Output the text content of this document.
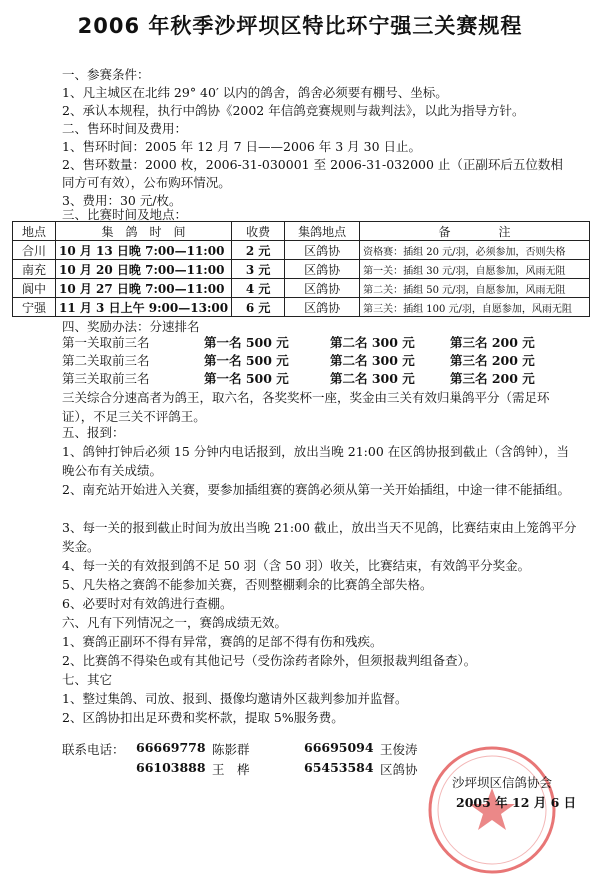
2006 年秋季沙坪坝区特比环宁强三关赛规程
一、参赛条件：
1、凡主城区在北纬 29° 40′ 以内的鸽舍，鸽舍必须要有棚号、坐标。
2、承认本规程，执行中鸽协《2002 年信鸽竞赛规则与裁判法》，以此为指导方针。
二、售环时间及费用：
1、售环时间：2005 年 12 月 7 日——2006 年 3 月 30 日止。
2、售环数量：2000 枚，2006-31-030001 至 2006-31-032000 止（正副环后五位数相
同方可有效），公布购环情况。
3、费用：30 元/枚。
三、比赛时间及地点：
地点	集　鸽　时　间	收费	集鸽地点	备　　　　注
合川	10 月 13 日晚 7:00—11:00	2 元	区鸽协	资格赛：插组 20 元/羽，必须参加，否则失格
南充	10 月 20 日晚 7:00—11:00	3 元	区鸽协	第一关：插组 30 元/羽，自愿参加，风雨无阻
阆中	10 月 27 日晚 7:00—11:00	4 元	区鸽协	第二关：插组 50 元/羽，自愿参加，风雨无阻
宁强	11 月 3 日上午 9:00—13:00	6 元	区鸽协	第三关：插组 100 元/羽，自愿参加，风雨无阻
四、奖励办法：分速排名
第一关取前三名	第一名 500 元	第二名 300 元	第三名 200 元
第二关取前三名	第一名 500 元	第二名 300 元	第三名 200 元
第三关取前三名	第一名 500 元	第二名 300 元	第三名 200 元
三关综合分速高者为鸽王，取六名，各奖奖杯一座，奖金由三关有效归巢鸽平分（需足环证），不足三关不评鸽王。
五、报到：
1、鸽钟打钟后必须 15 分钟内电话报到，放出当晚 21:00 在区鸽协报到截止（含鸽钟），当晚公布有关成绩。
2、南充站开始进入关赛，要参加插组赛的赛鸽必须从第一关开始插组，中途一律不能插组。
3、每一关的报到截止时间为放出当晚 21:00 截止，放出当天不见鸽，比赛结束由上笼鸽平分奖金。
4、每一关的有效报到鸽不足 50 羽（含 50 羽）收关，比赛结束，有效鸽平分奖金。
5、凡失格之赛鸽不能参加关赛，否则整棚剩余的比赛鸽全部失格。
6、必要时对有效鸽进行查棚。
六、凡有下列情况之一，赛鸽成绩无效。
1、赛鸽正副环不得有异常，赛鸽的足部不得有伤和残疾。
2、比赛鸽不得染色或有其他记号（受伤涂药者除外，但须报裁判组备查）。
七、其它
1、整过集鸽、司放、报到、摄像均邀请外区裁判参加并监督。
2、区鸽协扣出足环费和奖杯款，提取 5%服务费。
联系电话： 66669778 陈影群	66695094 王俊涛
66103888 王　桦	65453584 区鸽协
沙坪坝区信鸽协会
2005 年 12 月 6 日
